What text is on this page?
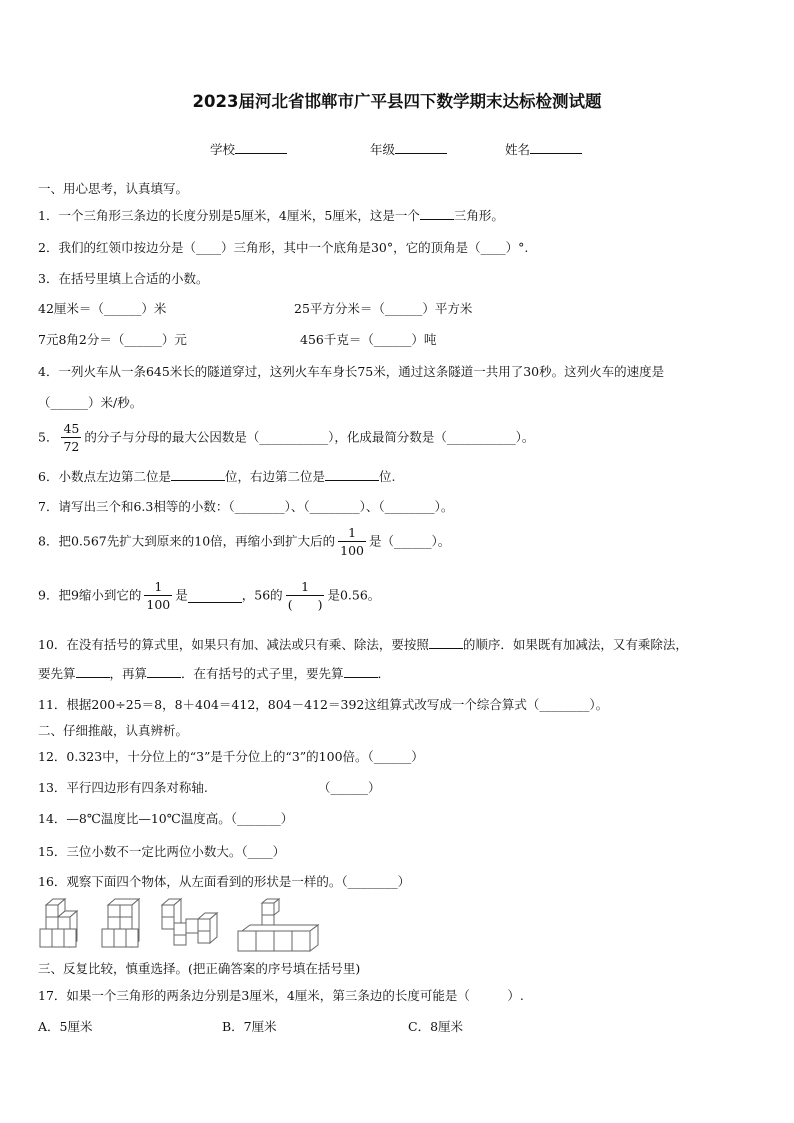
2023届河北省邯郸市广平县四下数学期末达标检测试题
学校	年级	姓名
一、用心思考，认真填写。
1．一个三角形三条边的长度分别是5厘米，4厘米，5厘米，这是一个	三角形。
2．我们的红领巾按边分是（____）三角形，其中一个底角是30°，它的顶角是（____）°.
3．在括号里填上合适的小数。
42厘米＝（______）米	25平方分米＝（______）平方米
7元8角2分＝（______）元	456千克＝（______）吨
4．一列火车从一条645米长的隧道穿过，这列火车车身长75米，通过这条隧道一共用了30秒。这列火车的速度是
（______）米/秒。
5． $\frac{45}{72}$ 的分子与分母的最大公因数是（___________），化成最简分数是（___________）。
6．小数点左边第二位是	位，右边第二位是	位.
7．请写出三个和6.3相等的小数：（________）、（________）、（________）。
8．把0.567先扩大到原来的10倍，再缩小到扩大后的 $\frac{1}{100}$ 是（______）。
9．把9缩小到它的 $\frac{1}{100}$ 是	，56的 $\frac{1}{( )}$ 是0.56。
10．在没有括号的算式里，如果只有加、减法或只有乘、除法，要按照	的顺序．如果既有加减法，又有乘除法，
要先算	，再算	．在有括号的式子里，要先算	．
11．根据200÷25＝8，8＋404＝412，804－412＝392这组算式改写成一个综合算式（________）。
二、仔细推敲，认真辨析。
12．0.323中，十分位上的“3”是千分位上的“3”的100倍。（______）
13．平行四边形有四条对称轴.	（______）
14．—8℃温度比—10℃温度高。（_______）
15．三位小数不一定比两位小数大。（____）
16．观察下面四个物体，从左面看到的形状是一样的。（________）
三、反复比较，慎重选择。(把正确答案的序号填在括号里)
17．如果一个三角形的两条边分别是3厘米，4厘米，第三条边的长度可能是（　　　）.
A．5厘米	B．7厘米	C．8厘米
